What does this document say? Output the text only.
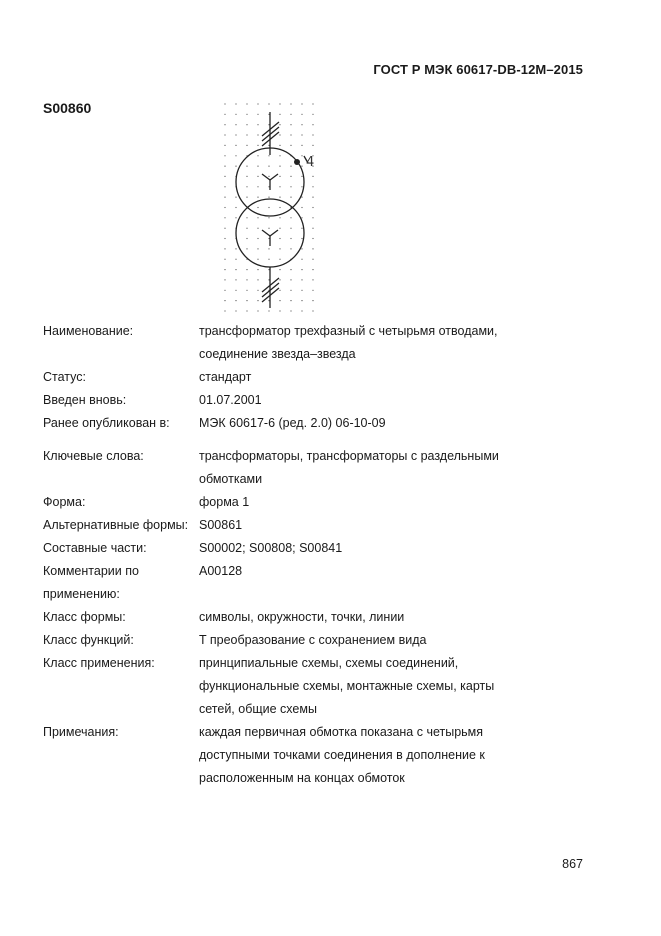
ГОСТ Р МЭК 60617-DB-12M–2015
S00860
4
Наименование:	трансформатор трехфазный с четырьмя отводами,
соединение звезда–звезда
Статус:	стандарт
Введен вновь:	01.07.2001
Ранее опубликован в:	МЭК 60617-6 (ред. 2.0) 06-10-09
Ключевые слова:	трансформаторы, трансформаторы с раздельными
обмотками
Форма:	форма 1
Альтернативные формы: S00861
Составные части:	S00002; S00808; S00841
Комментарии по применению:
A00128
Класс формы:	символы, окружности, точки, линии
Класс функций:	T преобразование с сохранением вида
Класс применения:	принципиальные схемы, схемы соединений,
функциональные схемы, монтажные схемы, карты
сетей, общие схемы
Примечания:	каждая первичная обмотка показана с четырьмя
доступными точками соединения в дополнение к
расположенным на концах обмоток
867
